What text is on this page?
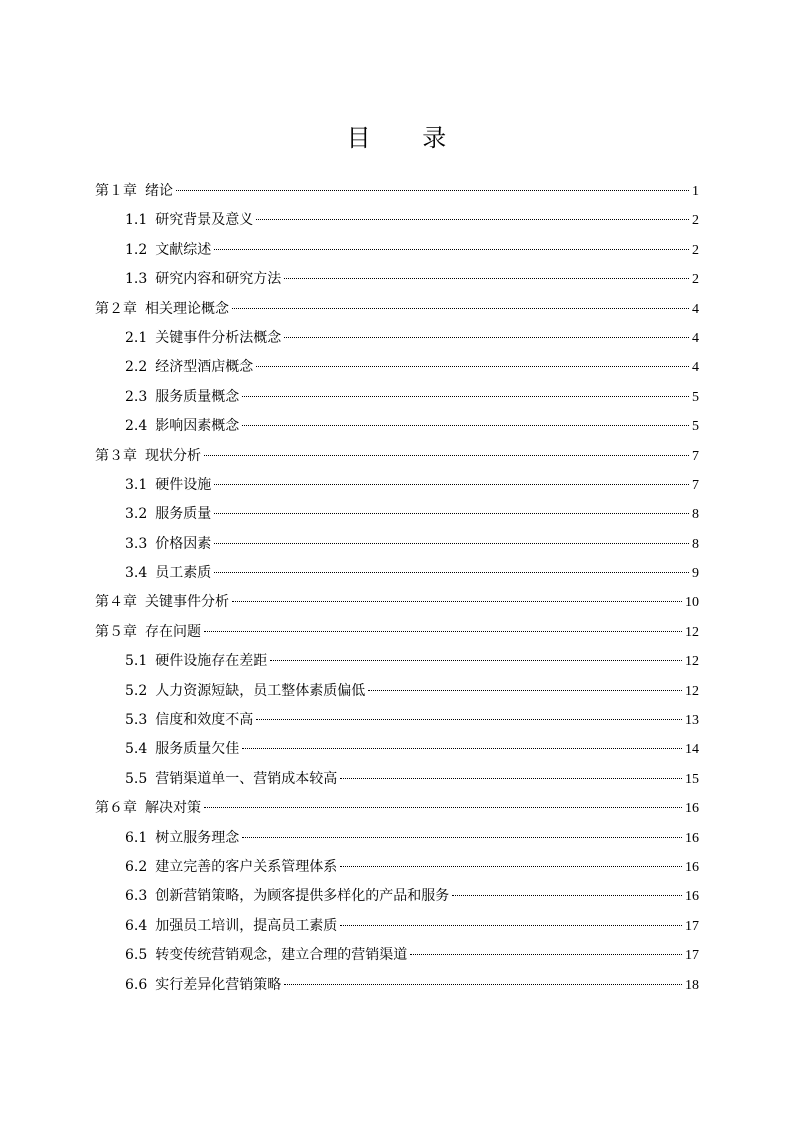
目 录
第１章 绪论	1
1.1 研究背景及意义	2
1.2 文献综述	2
1.3 研究内容和研究方法	2
第２章 相关理论概念	4
2.1 关键事件分析法概念	4
2.2 经济型酒店概念	4
2.3 服务质量概念	5
2.4 影响因素概念	5
第３章 现状分析	7
3.1 硬件设施	7
3.2 服务质量	8
3.3 价格因素	8
3.4 员工素质	9
第４章 关键事件分析	10
第５章 存在问题	12
5.1 硬件设施存在差距	12
5.2 人力资源短缺，员工整体素质偏低	12
5.3 信度和效度不高	13
5.4 服务质量欠佳	14
5.5 营销渠道单一、营销成本较高	15
第６章 解决对策	16
6.1 树立服务理念	16
6.2 建立完善的客户关系管理体系	16
6.3 创新营销策略，为顾客提供多样化的产品和服务	16
6.4 加强员工培训，提高员工素质	17
6.5 转变传统营销观念，建立合理的营销渠道	17
6.6 实行差异化营销策略	18
